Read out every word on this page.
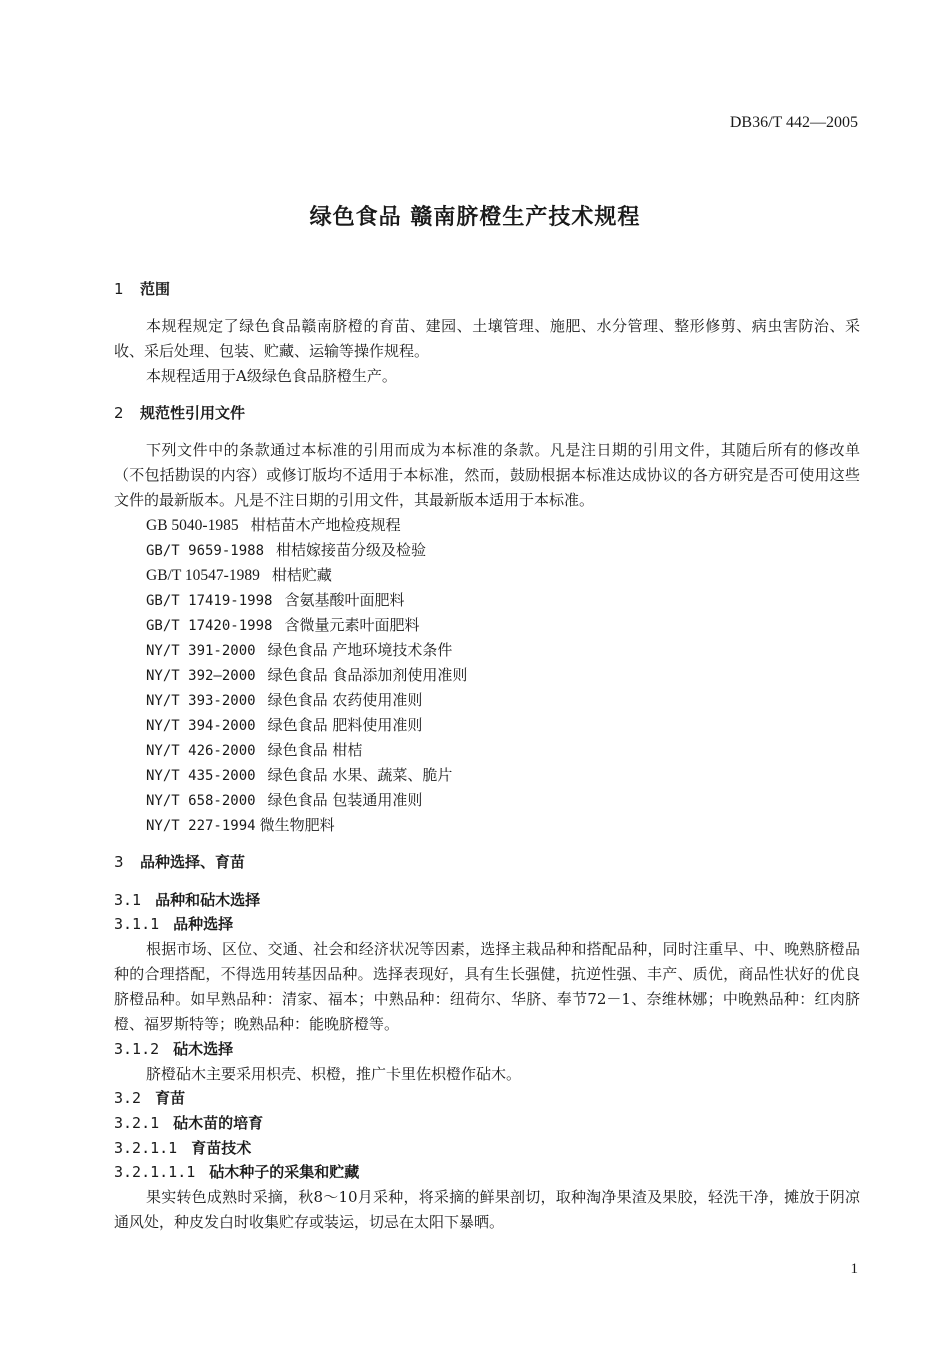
DB36/T 442—2005
绿色食品 赣南脐橙生产技术规程
1 范围
本规程规定了绿色食品赣南脐橙的育苗、建园、土壤管理、施肥、水分管理、整形修剪、病虫害防治、采收、采后处理、包装、贮藏、运输等操作规程。
本规程适用于A级绿色食品脐橙生产。
2 规范性引用文件
下列文件中的条款通过本标准的引用而成为本标准的条款。凡是注日期的引用文件，其随后所有的修改单（不包括勘误的内容）或修订版均不适用于本标准，然而，鼓励根据本标准达成协议的各方研究是否可使用这些文件的最新版本。凡是不注日期的引用文件，其最新版本适用于本标准。
GB 5040-1985 柑桔苗木产地检疫规程
GB/T 9659-1988 柑桔嫁接苗分级及检验
GB/T 10547-1989 柑桔贮藏
GB/T 17419-1998 含氨基酸叶面肥料
GB/T 17420-1998 含微量元素叶面肥料
NY/T 391-2000 绿色食品 产地环境技术条件
NY/T 392–2000 绿色食品 食品添加剂使用准则
NY/T 393-2000 绿色食品 农药使用准则
NY/T 394-2000 绿色食品 肥料使用准则
NY/T 426-2000 绿色食品 柑桔
NY/T 435-2000 绿色食品 水果、蔬菜、脆片
NY/T 658-2000 绿色食品 包装通用准则
NY/T 227-1994 微生物肥料
3 品种选择、育苗
3.1 品种和砧木选择
3.1.1 品种选择
根据市场、区位、交通、社会和经济状况等因素，选择主栽品种和搭配品种，同时注重早、中、晚熟脐橙品种的合理搭配，不得选用转基因品种。选择表现好，具有生长强健，抗逆性强、丰产、质优，商品性状好的优良脐橙品种。如早熟品种：清家、福本；中熟品种：纽荷尔、华脐、奉节72－1、奈维林娜；中晚熟品种：红肉脐橙、福罗斯特等；晚熟品种：能晚脐橙等。
3.1.2 砧木选择
脐橙砧木主要采用枳壳、枳橙，推广卡里佐枳橙作砧木。
3.2 育苗
3.2.1 砧木苗的培育
3.2.1.1 育苗技术
3.2.1.1.1 砧木种子的采集和贮藏
果实转色成熟时采摘，秋8～10月采种，将采摘的鲜果剖切，取种淘净果渣及果胶，轻洗干净，摊放于阴凉通风处，种皮发白时收集贮存或装运，切忌在太阳下暴晒。
1
